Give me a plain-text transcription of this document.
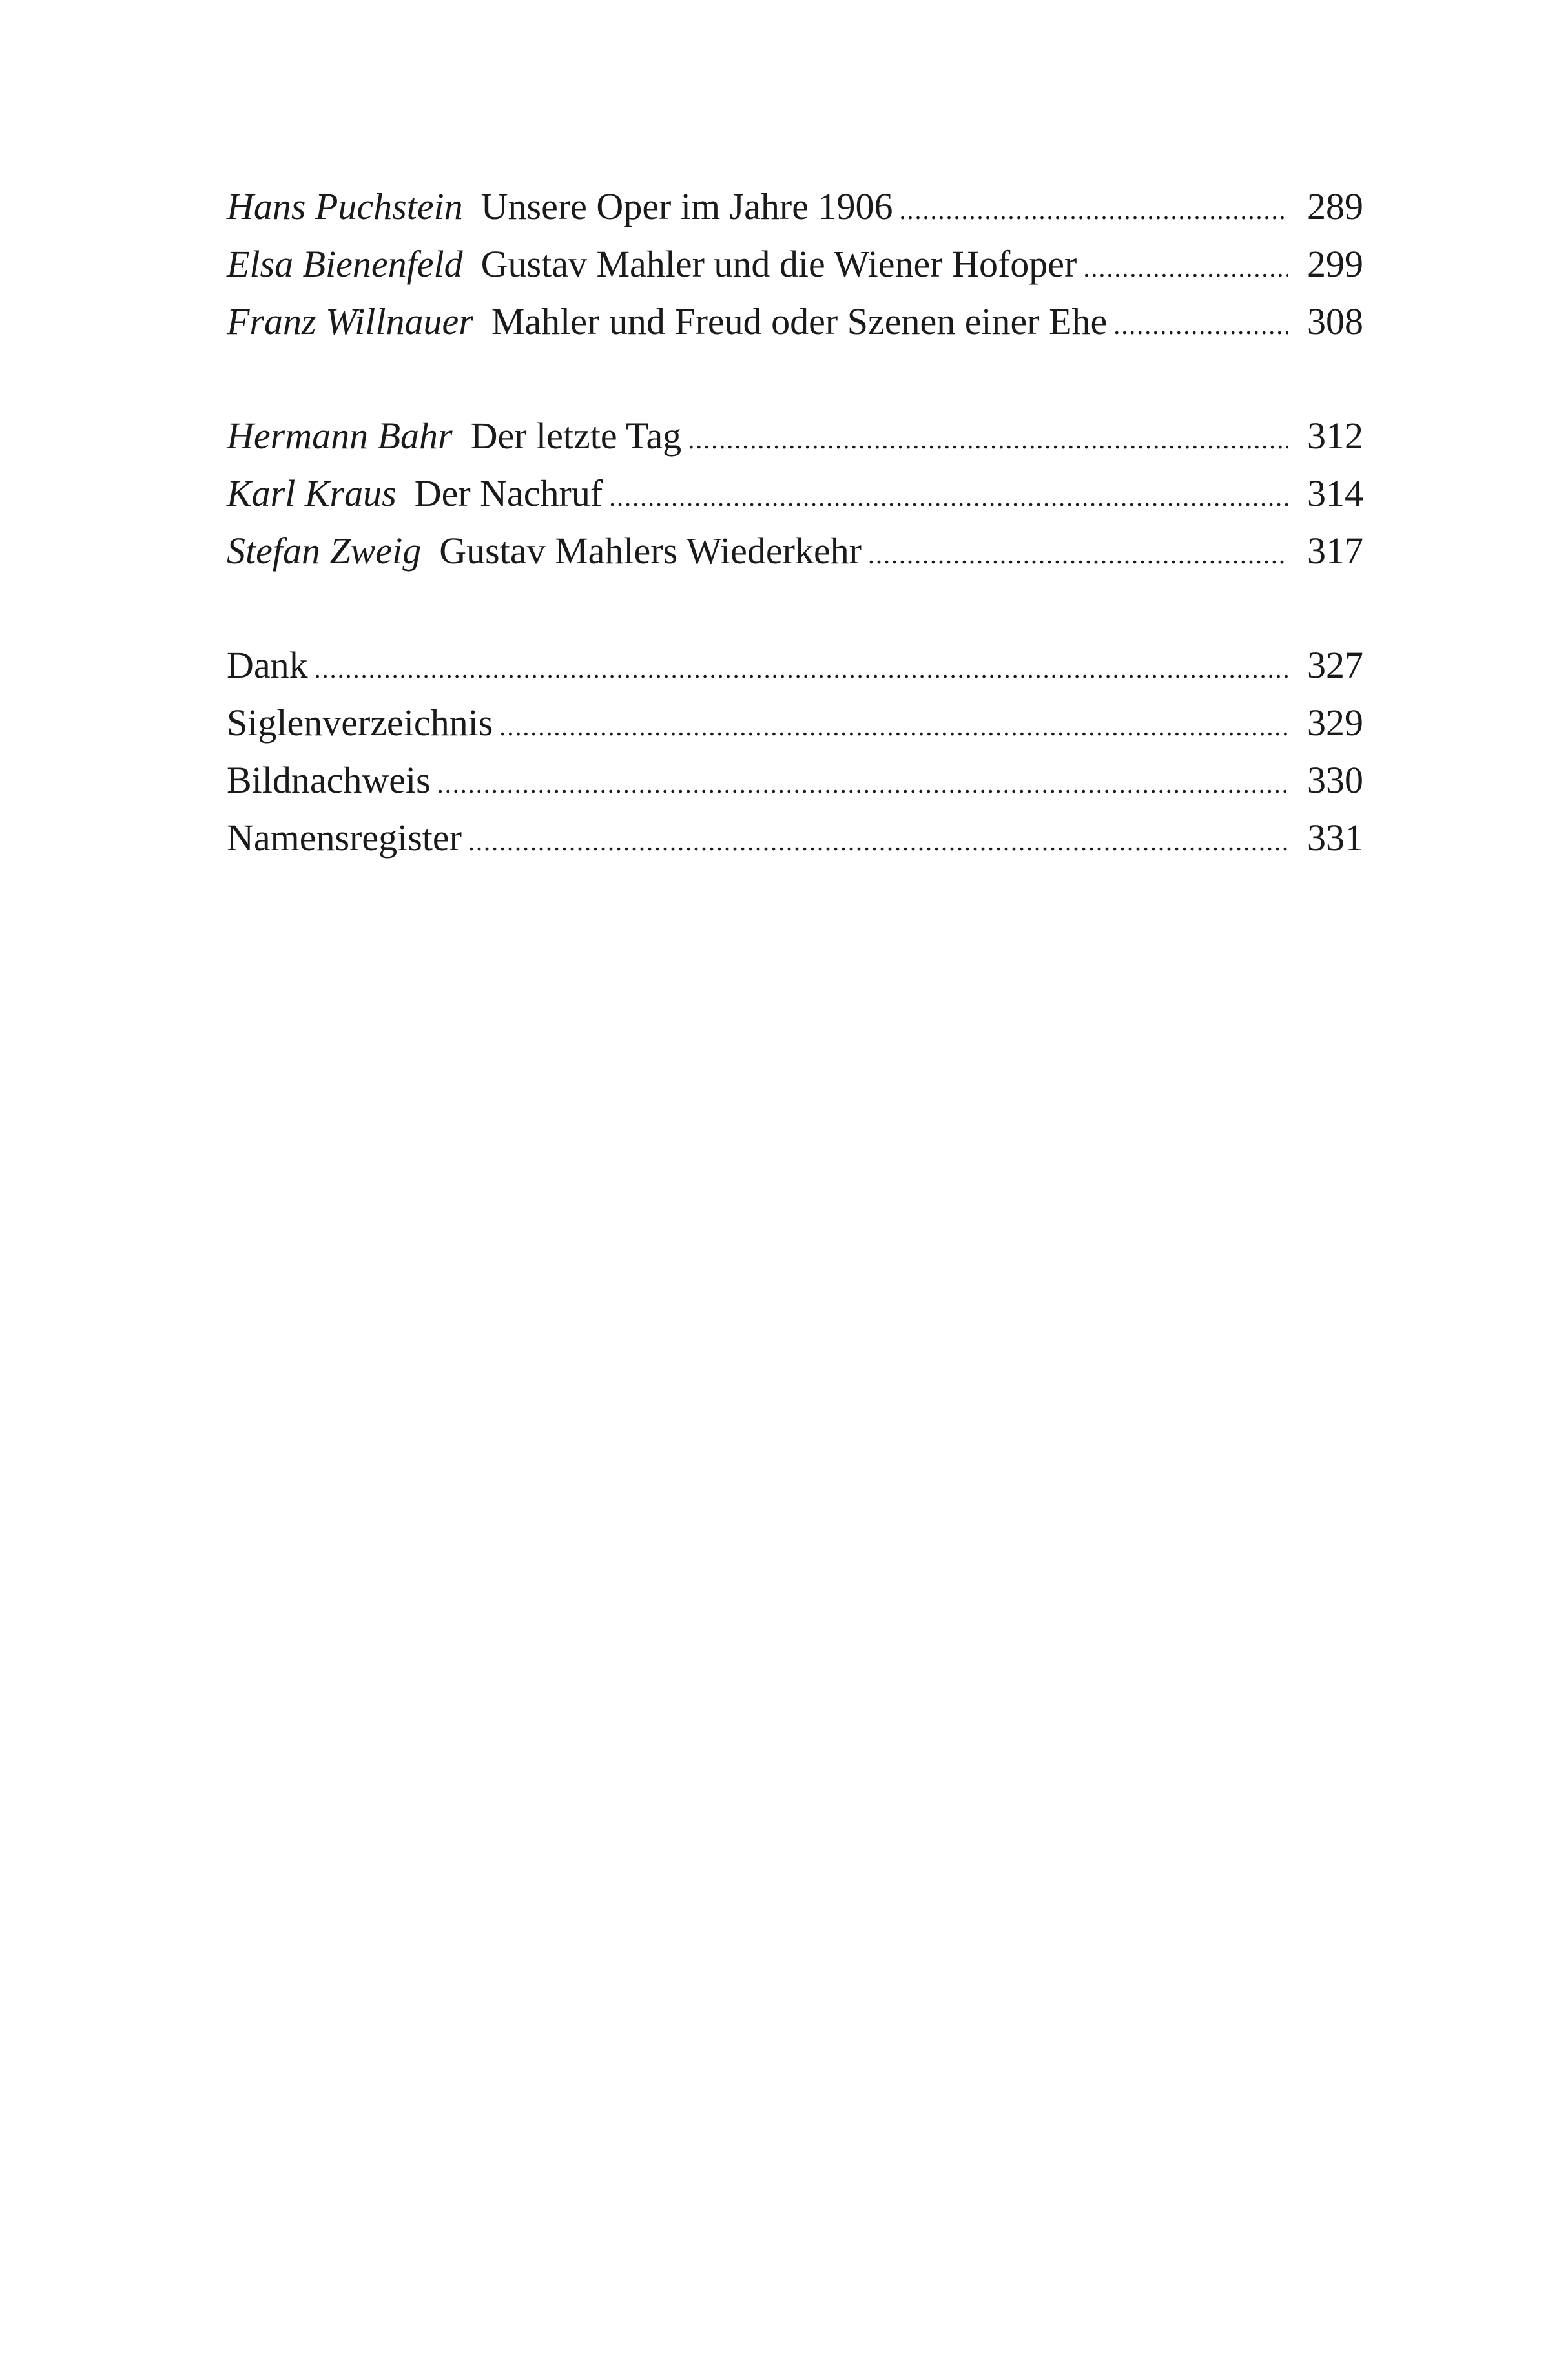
Hans Puchstein Unsere Oper im Jahre 1906 .....	289
Elsa Bienenfeld Gustav Mahler und die Wiener Hofoper .....	299
Franz Willnauer Mahler und Freud oder Szenen einer Ehe .....	308
Hermann Bahr Der letzte Tag .....	312
Karl Kraus Der Nachruf .....	314
Stefan Zweig Gustav Mahlers Wiederkehr .....	317
Dank .....	327
Siglenverzeichnis .....	329
Bildnachweis .....	330
Namensregister .....	331
